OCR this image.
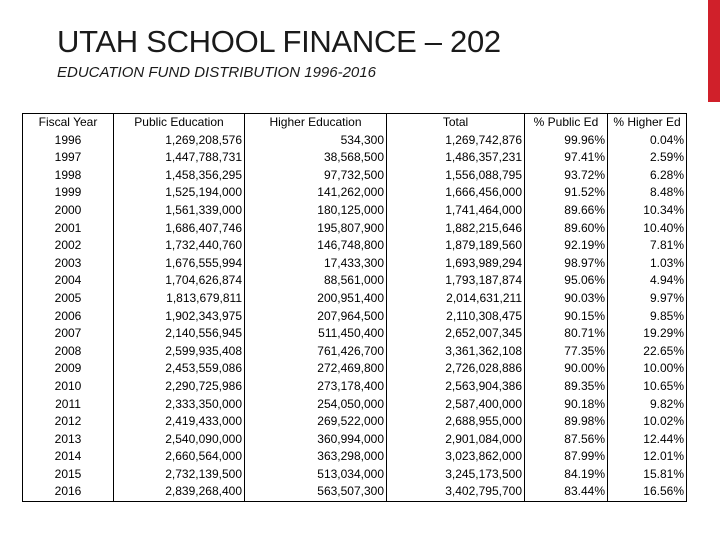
UTAH SCHOOL FINANCE – 202
EDUCATION FUND DISTRIBUTION 1996-2016
Fiscal Year	Public Education	Higher Education	Total	% Public Ed	% Higher Ed
1996	1,269,208,576	534,300	1,269,742,876	99.96%	0.04%
1997	1,447,788,731	38,568,500	1,486,357,231	97.41%	2.59%
1998	1,458,356,295	97,732,500	1,556,088,795	93.72%	6.28%
1999	1,525,194,000	141,262,000	1,666,456,000	91.52%	8.48%
2000	1,561,339,000	180,125,000	1,741,464,000	89.66%	10.34%
2001	1,686,407,746	195,807,900	1,882,215,646	89.60%	10.40%
2002	1,732,440,760	146,748,800	1,879,189,560	92.19%	7.81%
2003	1,676,555,994	17,433,300	1,693,989,294	98.97%	1.03%
2004	1,704,626,874	88,561,000	1,793,187,874	95.06%	4.94%
2005	1,813,679,811	200,951,400	2,014,631,211	90.03%	9.97%
2006	1,902,343,975	207,964,500	2,110,308,475	90.15%	9.85%
2007	2,140,556,945	511,450,400	2,652,007,345	80.71%	19.29%
2008	2,599,935,408	761,426,700	3,361,362,108	77.35%	22.65%
2009	2,453,559,086	272,469,800	2,726,028,886	90.00%	10.00%
2010	2,290,725,986	273,178,400	2,563,904,386	89.35%	10.65%
2011	2,333,350,000	254,050,000	2,587,400,000	90.18%	9.82%
2012	2,419,433,000	269,522,000	2,688,955,000	89.98%	10.02%
2013	2,540,090,000	360,994,000	2,901,084,000	87.56%	12.44%
2014	2,660,564,000	363,298,000	3,023,862,000	87.99%	12.01%
2015	2,732,139,500	513,034,000	3,245,173,500	84.19%	15.81%
2016	2,839,268,400	563,507,300	3,402,795,700	83.44%	16.56%
